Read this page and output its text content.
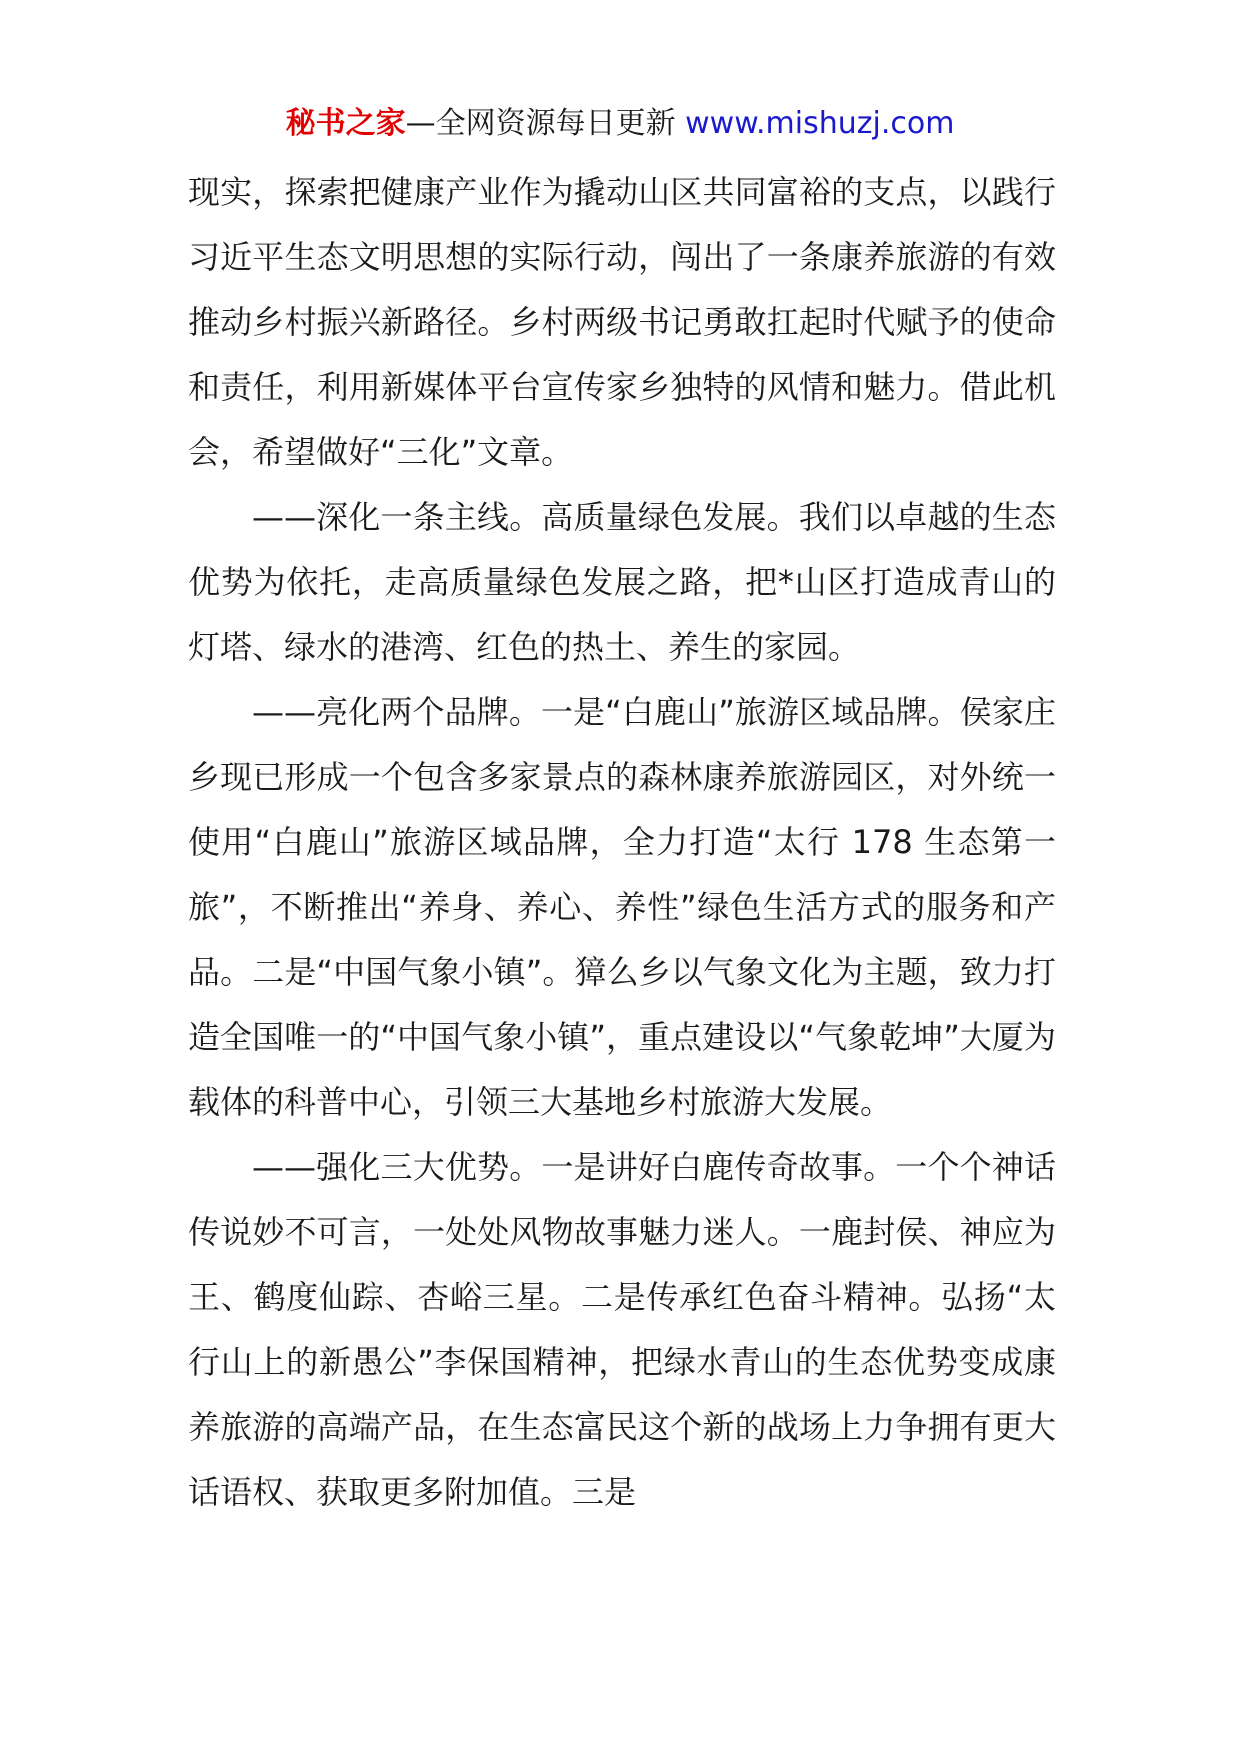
秘书之家—全网资源每日更新 www.mishuzj.com

现实，探索把健康产业作为撬动山区共同富裕的支点，以践行习近平生态文明思想的实际行动，闯出了一条康养旅游的有效推动乡村振兴新路径。乡村两级书记勇敢扛起时代赋予的使命和责任，利用新媒体平台宣传家乡独特的风情和魅力。借此机会，希望做好“三化”文章。

——深化一条主线。高质量绿色发展。我们以卓越的生态优势为依托，走高质量绿色发展之路，把*山区打造成青山的灯塔、绿水的港湾、红色的热土、养生的家园。

——亮化两个品牌。一是“白鹿山”旅游区域品牌。侯家庄乡现已形成一个包含多家景点的森林康养旅游园区，对外统一使用“白鹿山”旅游区域品牌，全力打造“太行 178 生态第一旅”，不断推出“养身、养心、养性”绿色生活方式的服务和产品。二是“中国气象小镇”。獐么乡以气象文化为主题，致力打造全国唯一的“中国气象小镇”，重点建设以“气象乾坤”大厦为载体的科普中心，引领三大基地乡村旅游大发展。

——强化三大优势。一是讲好白鹿传奇故事。一个个神话传说妙不可言，一处处风物故事魅力迷人。一鹿封侯、神应为王、鹤度仙踪、杏峪三星。二是传承红色奋斗精神。弘扬“太行山上的新愚公”李保国精神，把绿水青山的生态优势变成康养旅游的高端产品，在生态富民这个新的战场上力争拥有更大话语权、获取更多附加值。三是
